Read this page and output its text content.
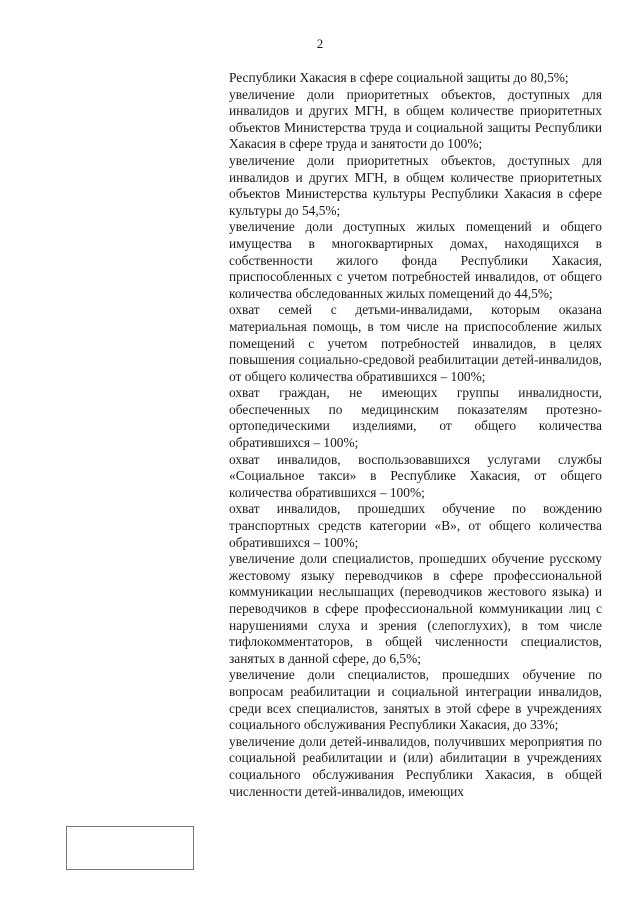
2

Республики Хакасия в сфере социальной защиты до 80,5%;

увеличение доли приоритетных объектов, доступных для инвалидов и других МГН, в общем количестве приоритетных объектов Министерства труда и социальной защиты Республики Хакасия в сфере труда и занятости до 100%;

увеличение доли приоритетных объектов, доступных для инвалидов и других МГН, в общем количестве приоритетных объектов Министерства культуры Республики Хакасия в сфере культуры до 54,5%;

увеличение доли доступных жилых помещений и общего имущества в многоквартирных домах, находящихся в собственности жилого фонда Республики Хакасия, приспособленных с учетом потребностей инвалидов, от общего количества обследованных жилых помещений до 44,5%;

охват семей с детьми-инвалидами, которым оказана материальная помощь, в том числе на приспособление жилых помещений с учетом потребностей инвалидов, в целях повышения социально-средовой реабилитации детей-инвалидов, от общего количества обратившихся – 100%;

охват граждан, не имеющих группы инвалидности, обеспеченных по медицинским показателям протезно-ортопедическими изделиями, от общего количества обратившихся – 100%;

охват инвалидов, воспользовавшихся услугами службы «Социальное такси» в Республике Хакасия, от общего количества обратившихся – 100%;

охват инвалидов, прошедших обучение по вождению транспортных средств категории «В», от общего количества обратившихся – 100%;

увеличение доли специалистов, прошедших обучение русскому жестовому языку переводчиков в сфере профессиональной коммуникации неслышащих (переводчиков жестового языка) и переводчиков в сфере профессиональной коммуникации лиц с нарушениями слуха и зрения (слепоглухих), в том числе тифлокомментаторов, в общей численности специалистов, занятых в данной сфере, до 6,5%;

увеличение доли специалистов, прошедших обучение по вопросам реабилитации и социальной интеграции инвалидов, среди всех специалистов, занятых в этой сфере в учреждениях социального обслуживания Республики Хакасия, до 33%;

увеличение доли детей-инвалидов, получивших мероприятия по социальной реабилитации и (или) абилитации в учреждениях социального обслуживания Республики Хакасия, в общей численности детей-инвалидов, имеющих
